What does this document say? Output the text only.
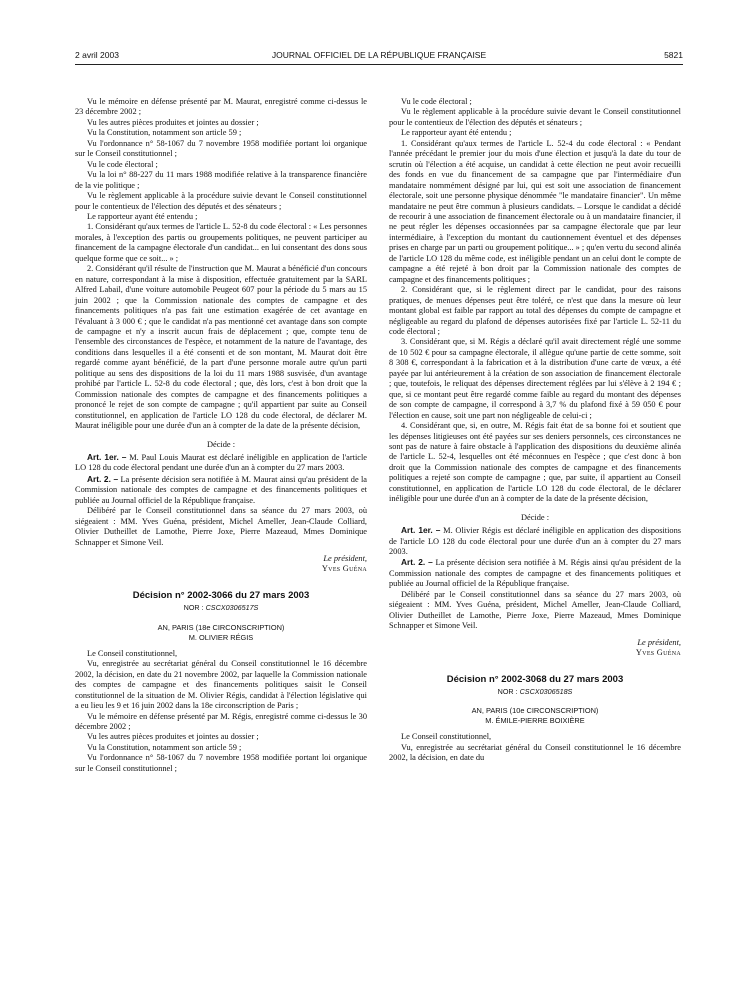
2 avril 2003	JOURNAL OFFICIEL DE LA RÉPUBLIQUE FRANÇAISE	5821

Vu le mémoire en défense présenté par M. Maurat, enregistré comme ci-dessus le 23 décembre 2002 ;

Vu les autres pièces produites et jointes au dossier ;

Vu la Constitution, notamment son article 59 ;

Vu l'ordonnance n° 58-1067 du 7 novembre 1958 modifiée portant loi organique sur le Conseil constitutionnel ;

Vu le code électoral ;

Vu la loi n° 88-227 du 11 mars 1988 modifiée relative à la transparence financière de la vie politique ;

Vu le règlement applicable à la procédure suivie devant le Conseil constitutionnel pour le contentieux de l'élection des députés et des sénateurs ;

Le rapporteur ayant été entendu ;

1. Considérant qu'aux termes de l'article L. 52-8 du code électoral : « Les personnes morales, à l'exception des partis ou groupements politiques, ne peuvent participer au financement de la campagne électorale d'un candidat... en lui consentant des dons sous quelque forme que ce soit... » ;

2. Considérant qu'il résulte de l'instruction que M. Maurat a bénéficié d'un concours en nature, correspondant à la mise à disposition, effectuée gratuitement par la SARL Alfred Labail, d'une voiture automobile Peugeot 607 pour la période du 5 mars au 15 juin 2002 ; que la Commission nationale des comptes de campagne et des financements politiques n'a pas fait une estimation exagérée de cet avantage en l'évaluant à 3 000 € ; que le candidat n'a pas mentionné cet avantage dans son compte de campagne et n'y a inscrit aucun frais de déplacement ; que, compte tenu de l'ensemble des circonstances de l'espèce, et notamment de la nature de l'avantage, des conditions dans lesquelles il a été consenti et de son montant, M. Maurat doit être regardé comme ayant bénéficié, de la part d'une personne morale autre qu'un parti politique au sens des dispositions de la loi du 11 mars 1988 susvisée, d'un avantage prohibé par l'article L. 52-8 du code électoral ; que, dès lors, c'est à bon droit que la Commission nationale des comptes de campagne et des financements politiques a prononcé le rejet de son compte de campagne ; qu'il appartient par suite au Conseil constitutionnel, en application de l'article LO 128 du code électoral, de déclarer M. Maurat inéligible pour une durée d'un an à compter de la date de la présente décision,

Décide :

Art. 1er. – M. Paul Louis Maurat est déclaré inéligible en application de l'article LO 128 du code électoral pendant une durée d'un an à compter du 27 mars 2003.

Art. 2. – La présente décision sera notifiée à M. Maurat ainsi qu'au président de la Commission nationale des comptes de campagne et des financements politiques et publiée au Journal officiel de la République française.

Délibéré par le Conseil constitutionnel dans sa séance du 27 mars 2003, où siégeaient : MM. Yves Guéna, président, Michel Ameller, Jean-Claude Colliard, Olivier Dutheillet de Lamothe, Pierre Joxe, Pierre Mazeaud, Mmes Dominique Schnapper et Simone Veil.

Le président,

Yves Guéna

Décision n° 2002-3066 du 27 mars 2003
NOR : CSCX0306517S
AN, PARIS (18e CIRCONSCRIPTION)
M. OLIVIER RÉGIS

Le Conseil constitutionnel,

Vu, enregistrée au secrétariat général du Conseil constitutionnel le 16 décembre 2002, la décision, en date du 21 novembre 2002, par laquelle la Commission nationale des comptes de campagne et des financements politiques saisit le Conseil constitutionnel de la situation de M. Olivier Régis, candidat à l'élection législative qui a eu lieu les 9 et 16 juin 2002 dans la 18e circonscription de Paris ;

Vu le mémoire en défense présenté par M. Régis, enregistré comme ci-dessus le 30 décembre 2002 ;

Vu les autres pièces produites et jointes au dossier ;

Vu la Constitution, notamment son article 59 ;

Vu l'ordonnance n° 58-1067 du 7 novembre 1958 modifiée portant loi organique sur le Conseil constitutionnel ;

Vu le code électoral ;

Vu le règlement applicable à la procédure suivie devant le Conseil constitutionnel pour le contentieux de l'élection des députés et sénateurs ;

Le rapporteur ayant été entendu ;

1. Considérant qu'aux termes de l'article L. 52-4 du code électoral : « Pendant l'année précédant le premier jour du mois d'une élection et jusqu'à la date du tour de scrutin où l'élection a été acquise, un candidat à cette élection ne peut avoir recueilli des fonds en vue du financement de sa campagne que par l'intermédiaire d'un mandataire nommément désigné par lui, qui est soit une association de financement électorale, soit une personne physique dénommée "le mandataire financier". Un même mandataire ne peut être commun à plusieurs candidats. – Lorsque le candidat a décidé de recourir à une association de financement électorale ou à un mandataire financier, il ne peut régler les dépenses occasionnées par sa campagne électorale que par leur intermédiaire, à l'exception du montant du cautionnement éventuel et des dépenses prises en charge par un parti ou groupement politique... » ; qu'en vertu du second alinéa de l'article LO 128 du même code, est inéligible pendant un an celui dont le compte de campagne a été rejeté à bon droit par la Commission nationale des comptes de campagne et des financements politiques ;

2. Considérant que, si le règlement direct par le candidat, pour des raisons pratiques, de menues dépenses peut être toléré, ce n'est que dans la mesure où leur montant global est faible par rapport au total des dépenses du compte de campagne et négligeable au regard du plafond de dépenses autorisées fixé par l'article L. 52-11 du code électoral ;

3. Considérant que, si M. Régis a déclaré qu'il avait directement réglé une somme de 10 502 € pour sa campagne électorale, il allègue qu'une partie de cette somme, soit 8 308 €, correspondant à la fabrication et à la distribution d'une carte de vœux, a été payée par lui antérieurement à la création de son association de financement électorale ; que, toutefois, le reliquat des dépenses directement réglées par lui s'élève à 2 194 € ; que, si ce montant peut être regardé comme faible au regard du montant des dépenses de son compte de campagne, il correspond à 3,7 % du plafond fixé à 59 050 € pour l'élection en cause, soit une part non négligeable de celui-ci ;

4. Considérant que, si, en outre, M. Régis fait état de sa bonne foi et soutient que les dépenses litigieuses ont été payées sur ses deniers personnels, ces circonstances ne sont pas de nature à faire obstacle à l'application des dispositions du deuxième alinéa de l'article L. 52-4, lesquelles ont été méconnues en l'espèce ; que c'est donc à bon droit que la Commission nationale des comptes de campagne et des financements politiques a rejeté son compte de campagne ; que, par suite, il appartient au Conseil constitutionnel, en application de l'article LO 128 du code électoral, de le déclarer inéligible pour une durée d'un an à compter de la date de la présente décision,

Décide :

Art. 1er. – M. Olivier Régis est déclaré inéligible en application des dispositions de l'article LO 128 du code électoral pour une durée d'un an à compter du 27 mars 2003.

Art. 2. – La présente décision sera notifiée à M. Régis ainsi qu'au président de la Commission nationale des comptes de campagne et des financements politiques et publiée au Journal officiel de la République française.

Délibéré par le Conseil constitutionnel dans sa séance du 27 mars 2003, où siégeaient : MM. Yves Guéna, président, Michel Ameller, Jean-Claude Colliard, Olivier Dutheillet de Lamothe, Pierre Joxe, Pierre Mazeaud, Mmes Dominique Schnapper et Simone Veil.

Le président,

Yves Guéna

Décision n° 2002-3068 du 27 mars 2003
NOR : CSCX0306518S
AN, PARIS (10e CIRCONSCRIPTION)
M. ÉMILE-PIERRE BOIXIÈRE

Le Conseil constitutionnel,

Vu, enregistrée au secrétariat général du Conseil constitutionnel le 16 décembre 2002, la décision, en date du
